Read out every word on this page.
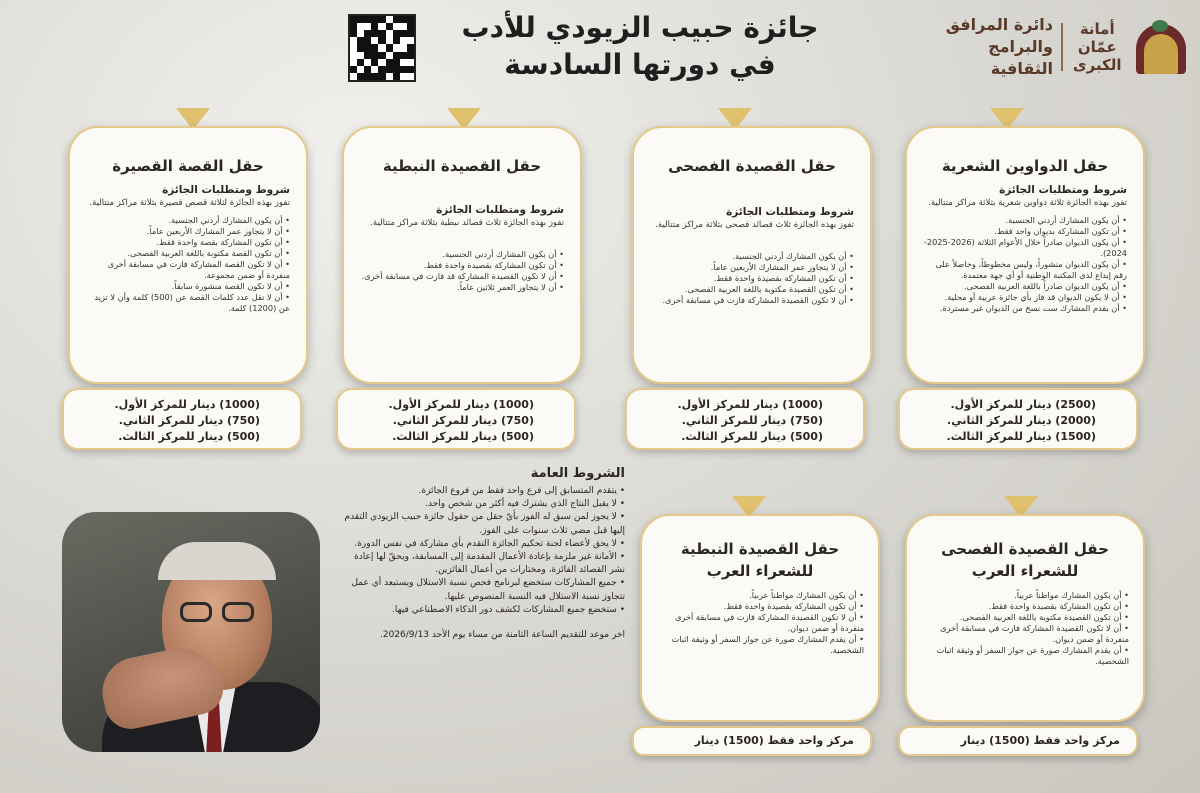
أمانة
عمّان
الكبرى
دائرة المرافق
والبرامج الثقافية
جائزة حبيب الزيودي للأدب
في دورتها السادسة
حقل الدواوين الشعرية
شروط ومتطلبات الجائزة
تفوز بهذه الجائزة ثلاثة دواوين شعرية بثلاثة مراكز متتالية.
• أن يكون المشارك أردني الجنسية.
• أن تكون المشاركة بديوان واحد فقط.
• أن يكون الديوان صادراً خلال الأعوام الثلاثة (2026-2025-2024).
• أن يكون الديوان منشوراً، وليس مخطوطاً، وحاصلاً على رقم إيداع لدى المكتبة الوطنية أو أي جهة معتمدة.
• أن يكون الديوان صادراً باللغة العربية الفصحى.
• أن لا يكون الديوان قد فاز بأي جائزة عربية أو محلية.
• أن يقدم المشارك ست نسخ من الديوان غير مستردة.
(2500) دينار للمركز الأول.
(2000) دينار للمركز الثاني.
(1500) دينار للمركز الثالث.
حقل القصيدة الفصحى
شروط ومتطلبات الجائزة
تفوز بهذه الجائزة ثلاث قصائد فصحى بثلاثة مراكز متتالية.
• أن يكون المشارك أردني الجنسية.
• أن لا يتجاوز عمر المشارك الأربعين عاماً.
• أن تكون المشاركة بقصيدة واحدة فقط.
• أن تكون القصيدة مكتوبة باللغة العربية الفصحى.
• أن لا تكون القصيدة المشاركة فازت في مسابقة أخرى.
(1000) دينار للمركز الأول.
(750) دينار للمركز الثاني.
(500) دينار للمركز الثالث.
حقل القصيدة النبطية
شروط ومتطلبات الجائزة
تفوز بهذه الجائزة ثلاث قصائد نبطية بثلاثة مراكز متتالية.
• أن يكون المشارك أردني الجنسية.
• أن تكون المشاركة بقصيدة واحدة فقط.
• أن لا تكون القصيدة المشاركة قد فازت في مسابقة أخرى.
• أن لا يتجاوز العمر ثلاثين عاماً.
(1000) دينار للمركز الأول.
(750) دينار للمركز الثاني.
(500) دينار للمركز الثالث.
حقل القصة القصيرة
شروط ومتطلبات الجائزة
تفوز بهذه الجائزة لثلاثة قصص قصيرة بثلاثة مراكز متتالية.
• أن يكون المشارك أردني الجنسية.
• أن لا يتجاوز عمر المشارك الأربعين عاماً.
• أن تكون المشاركة بقصة واحدة فقط.
• أن تكون القصة مكتوبة باللغة العربية الفصحى.
• أن لا تكون القصة المشاركة فازت في مسابقة أخرى منفردة أو ضمن مجموعة.
• أن لا تكون القصة منشورة سابقاً.
• أن لا تقل عدد كلمات القصة عن (500) كلمة وأن لا تزيد عن (1200) كلمة.
(1000) دينار للمركز الأول.
(750) دينار للمركز الثاني.
(500) دينار للمركز الثالث.
حقل القصيدة الفصحى
للشعراء العرب
• أن يكون المشارك مواطناً عربياً.
• أن تكون المشاركة بقصيدة واحدة فقط.
• أن تكون القصيدة مكتوبة باللغة العربية الفصحى.
• أن لا تكون القصيدة المشاركة فازت في مسابقة أخرى منفردة أو ضمن ديوان.
• أن يقدم المشارك صورة عن جواز السفر أو وثيقة اثبات الشخصية.
مركز واحد فقط (1500) دينار
حقل القصيدة النبطية
للشعراء العرب
• أن يكون المشارك مواطناً عربياً.
• أن تكون المشاركة بقصيدة واحدة فقط.
• أن لا تكون القصيدة المشاركة فازت في مسابقة أخرى منفردة أو ضمن ديوان.
• أن يقدم المشارك صورة عن جواز السفر أو وثيقة اثبات الشخصية.
مركز واحد فقط (1500) دينار
الشروط العامة
• يتقدم المتسابق إلى فرع واحد فقط من فروع الجائزة.
• لا يقبل النتاج الذي يشترك فيه أكثر من شخص واحد.
• لا يجوز لمن سبق له الفوز بأيّ حقل من حقول جائزة حبيب الزيودي التقدم إليها قبل مضي ثلاث سنوات على الفوز.
• لا يحق لأعضاء لجنة تحكيم الجائزة التقدم بأي مشاركة في نفس الدورة.
• الأمانة غير ملزمة بإعادة الأعمال المقدمة إلى المسابقة، ويحقّ لها إعادة نشر القصائد الفائزة، ومختارات من أعمال الفائزين.
• جميع المشاركات ستخضع لبرنامج فحص نسبة الاستلال ويستبعد أي عمل تتجاوز نسبة الاستلال فيه النسبة المنصوص عليها.
• ستخضع جميع المشاركات لكشف دور الذكاء الاصطناعي فيها.
اخر موعد للتقديم الساعة الثامنة من مساء يوم الأحد 2026/9/13.
